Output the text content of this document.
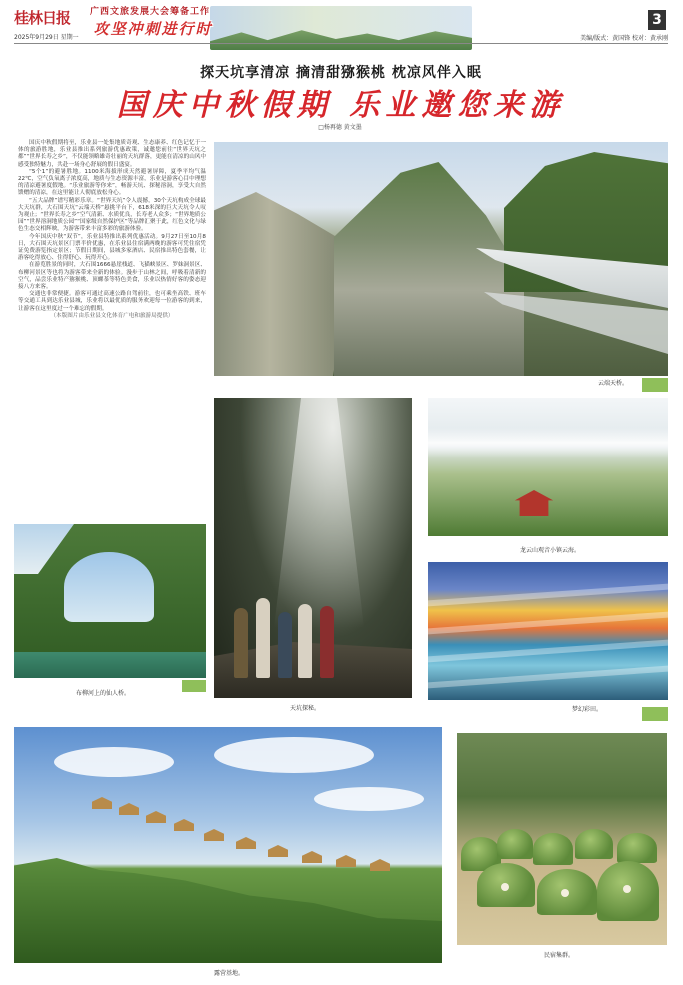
桂林日报
2025年9月29日 星期一
广西文旅发展大会筹备工作
攻坚冲刺进行时	3
美编/版式：黄国锋 校对：黄承刚
探天坑享清凉 摘清甜猕猴桃 枕凉风伴入眠
国庆中秋假期 乐业邀您来游
□杨再德 黄文墨

国庆中秋假期将至，乐业县一处集地质奇观、生态康养、红色记忆于一体的旅游胜地，乐业县推出系列旅游优惠政策，诚邀您前往“世界天坑之都”“世界长寿之乡”，不仅能领略雄奇壮丽的天坑群落，更能在清凉的山风中感受独特魅力，共赴一场身心舒展的假日盛宴。

“5个1”的避暑胜地。1100米海拔形成天然避暑屏障，夏季平均气温22℃，空气负氧离子浓度高，地质与生态资源丰富，乐业是游客心目中理想的清凉避暑度假地。“乐业旅游等你来”，畅游天坑、探秘溶洞，享受大自然馈赠的清凉，在这里能让人彻底放松身心。

“五大品牌”谱写精彩乐章。“世界天坑”令人震撼，30个天坑构成全球最大天坑群，大石围天坑“云端天桥”悬挑平台下，618米深的巨大天坑令人叹为观止；“世界长寿之乡”空气清新、水质优良，长寿老人众多；“世界地质公园”“世界溶洞地质公园”“国家级自然保护区”等品牌汇聚于此，红色文化与绿色生态交相辉映，为游客带来丰富多彩的旅游体验。

今年国庆中秋“双节”，乐业县特推出系列优惠活动。9月27日至10月8日，大石围天坑景区门票半价优惠，在乐业县住宿满两晚的游客可凭住宿凭证免费游览指定景区；节假日期间，县城多家酒店、民宿推出特色套餐，让游客吃得放心、住得舒心、玩得开心。

在游览胜景的同时，大石围1666悬崖栈道、飞猫峡景区、罗妹洞景区、布柳河景区等也将为游客带来全新的体验。漫步于山林之间，呼吸着清新的空气，品尝乐业特产猕猴桃、顶螺茶等特色美食，乐业以热情好客的姿态迎接八方来客。

交通也非常便捷。游客可通过高速公路自驾前往，也可乘坐高铁、班车等交通工具到达乐业县城，乐业将以最优质的服务欢迎每一位游客的到来，让游客在这里度过一个难忘的假期。

（本版图片由乐业县文化体育广电和旅游局提供）

云端天桥。
天坑探秘。
龙云山观音小镇云海。
梦幻彩田。
布柳河上的仙人桥。
露营基地。
民宿集群。
